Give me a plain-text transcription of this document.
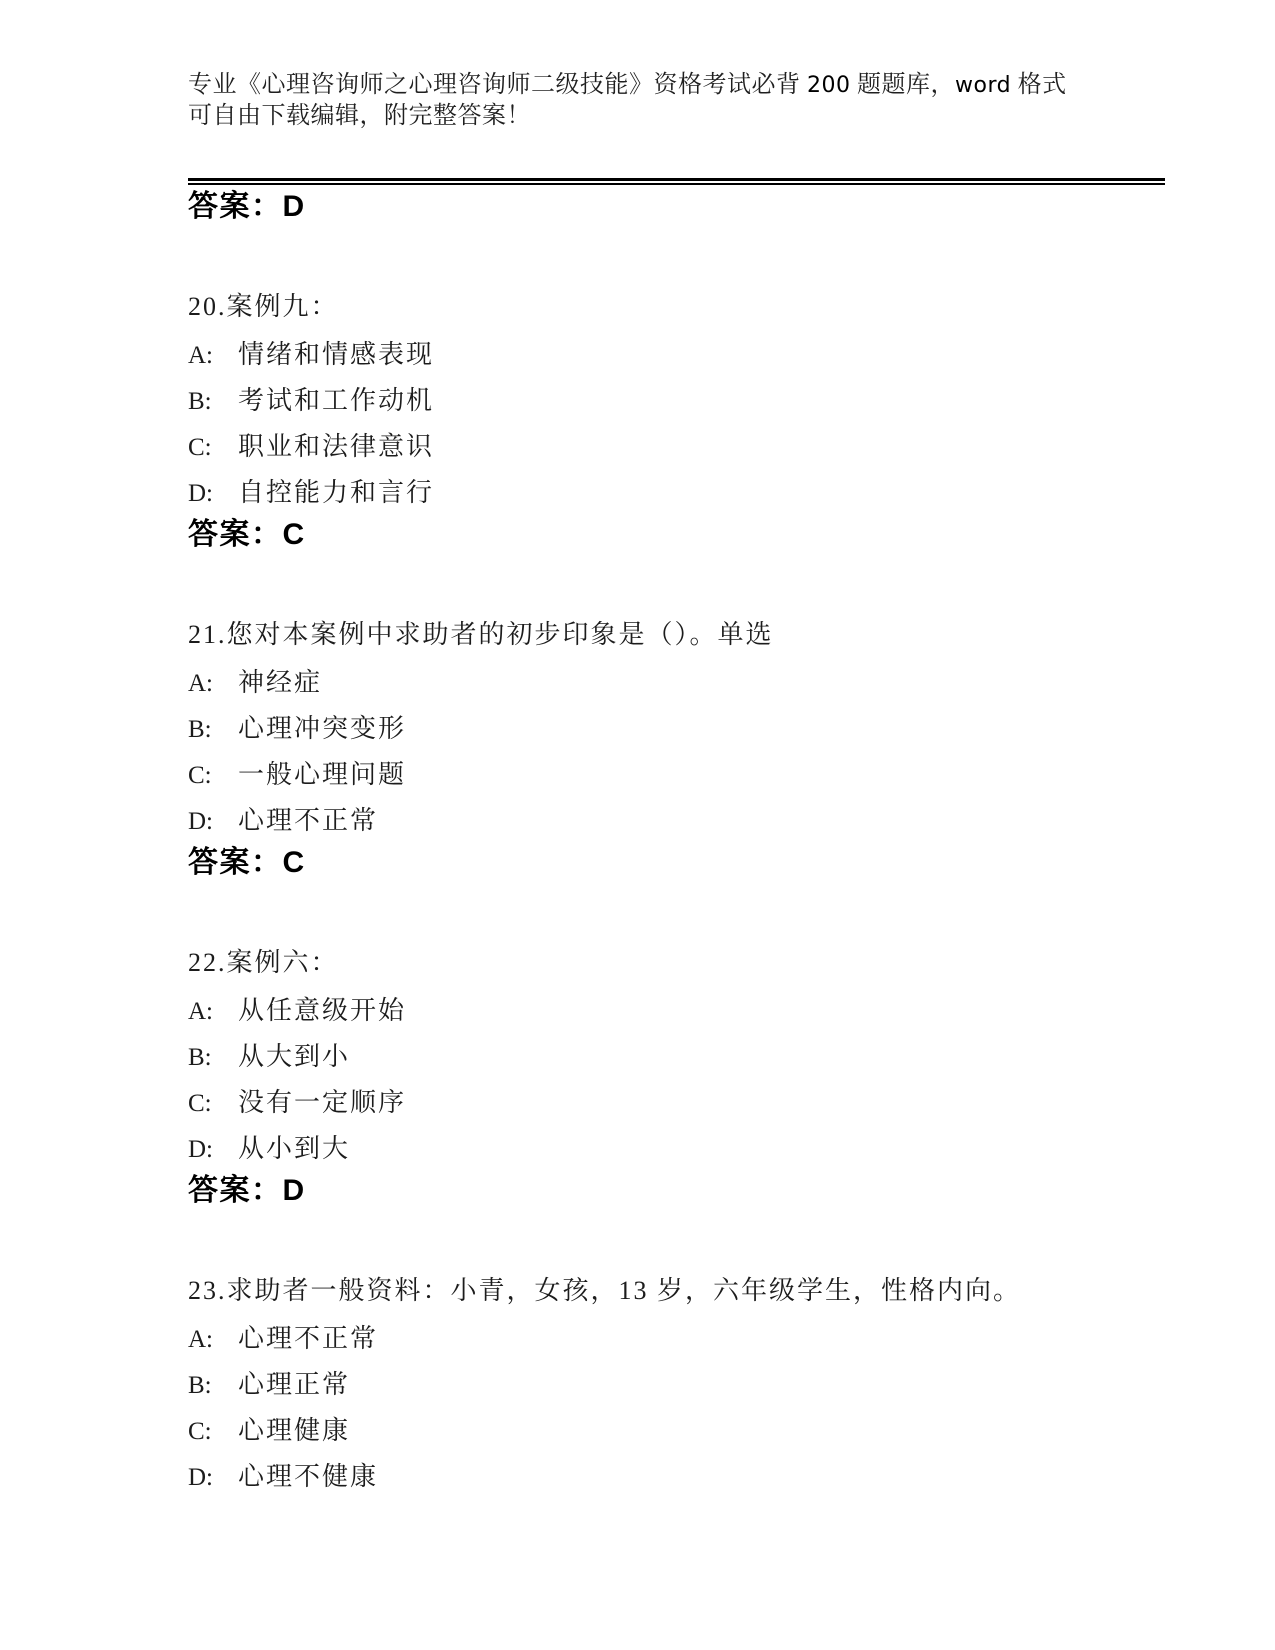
专业《心理咨询师之心理咨询师二级技能》资格考试必背 200 题题库，word 格式

可自由下载编辑，附完整答案！

答案：D
20.案例九：
A: 情绪和情感表现
B: 考试和工作动机
C: 职业和法律意识
D: 自控能力和言行
答案：C
21.您对本案例中求助者的初步印象是（）。单选
A: 神经症
B: 心理冲突变形
C: 一般心理问题
D: 心理不正常
答案：C
22.案例六：
A: 从任意级开始
B: 从大到小
C: 没有一定顺序
D: 从小到大
答案：D
23.求助者一般资料：小青，女孩，13 岁，六年级学生，性格内向。
A: 心理不正常
B: 心理正常
C: 心理健康
D: 心理不健康
